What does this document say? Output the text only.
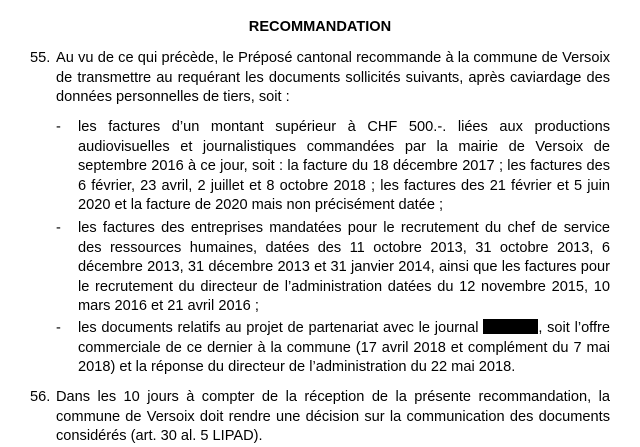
RECOMMANDATION
55. Au vu de ce qui précède, le Préposé cantonal recommande à la commune de Versoix de transmettre au requérant les documents sollicités suivants, après caviardage des données personnelles de tiers, soit :
- les factures d’un montant supérieur à CHF 500.-. liées aux productions audiovisuelles et journalistiques commandées par la mairie de Versoix de septembre 2016 à ce jour, soit : la facture du 18 décembre 2017 ; les factures des 6 février, 23 avril, 2 juillet et 8 octobre 2018 ; les factures des 21 février et 5 juin 2020 et la facture de 2020 mais non précisément datée ;
- les factures des entreprises mandatées pour le recrutement du chef de service des ressources humaines, datées des 11 octobre 2013, 31 octobre 2013, 6 décembre 2013, 31 décembre 2013 et 31 janvier 2014, ainsi que les factures pour le recrutement du directeur de l’administration datées du 12 novembre 2015, 10 mars 2016 et 21 avril 2016 ;
- les documents relatifs au projet de partenariat avec le journal	, soit l’offre commerciale de ce dernier à la commune (17 avril 2018 et complément du 7 mai 2018) et la réponse du directeur de l’administration du 22 mai 2018.
56. Dans les 10 jours à compter de la réception de la présente recommandation, la commune de Versoix doit rendre une décision sur la communication des documents considérés (art. 30 al. 5 LIPAD).
